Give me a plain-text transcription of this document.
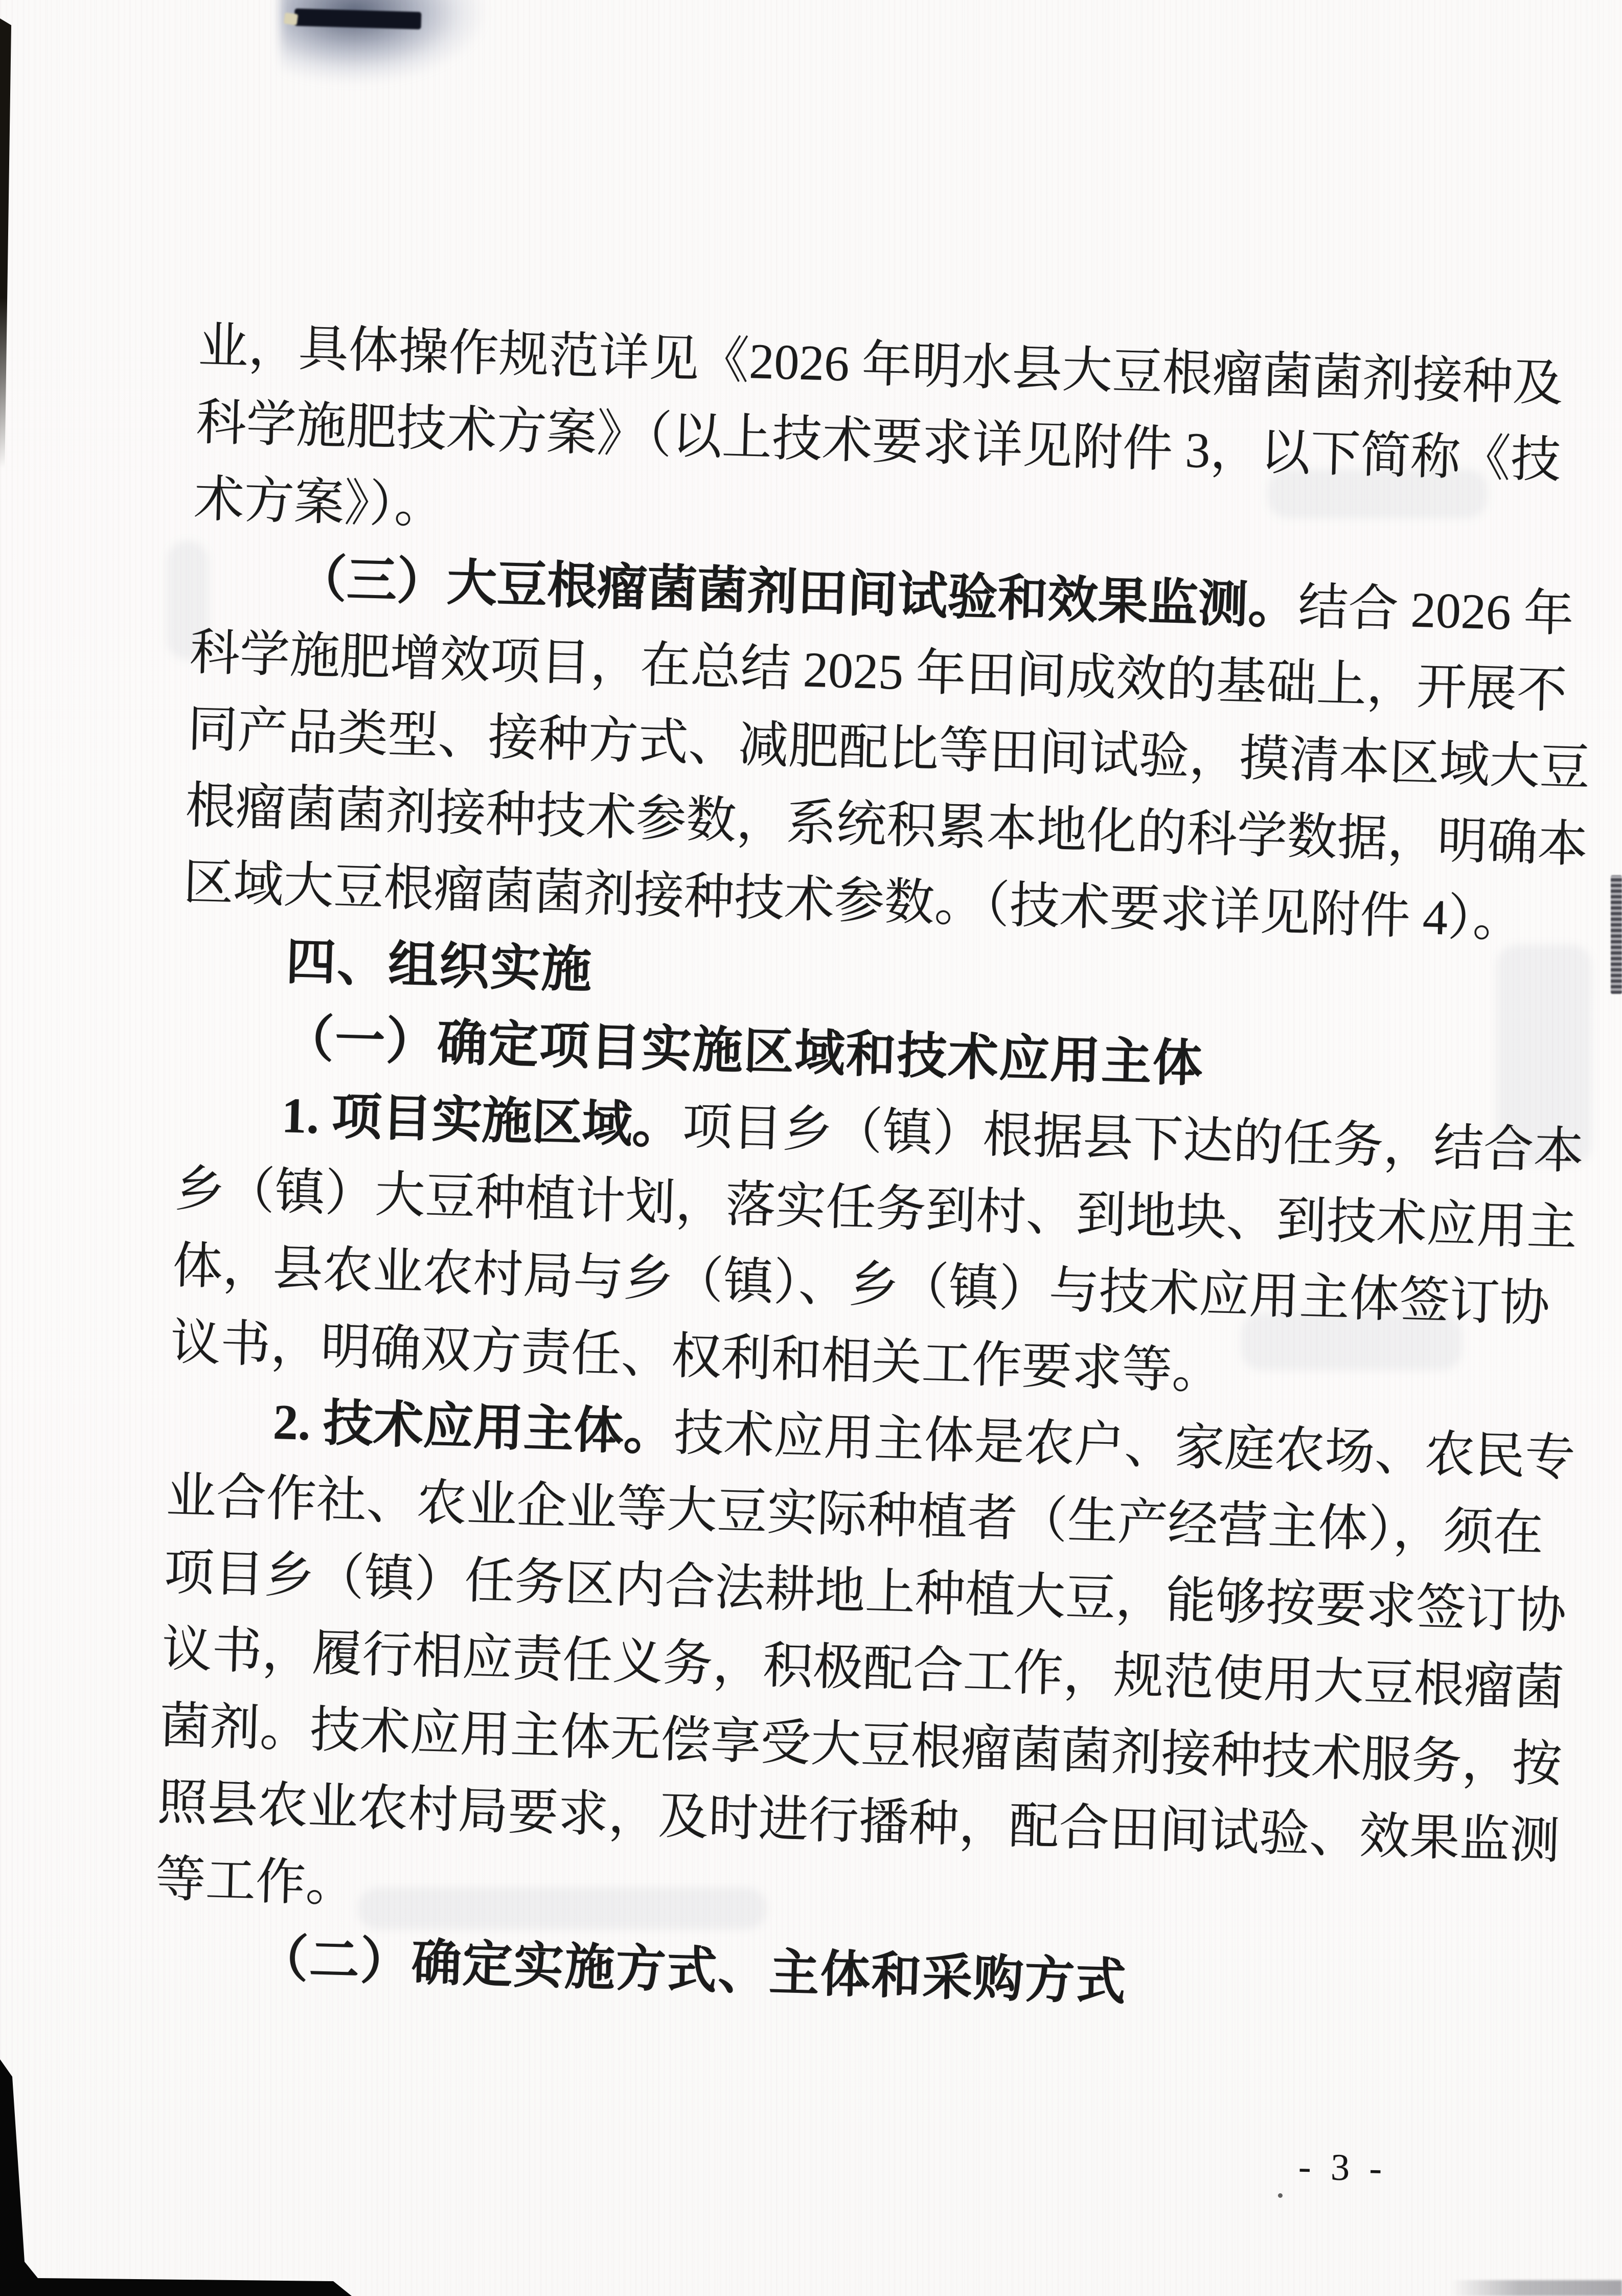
业，具体操作规范详见《2026 年明水县大豆根瘤菌菌剂接种及
科学施肥技术方案》（以上技术要求详见附件 3，以下简称《技
术方案》）。
（三）大豆根瘤菌菌剂田间试验和效果监测。结合 2026 年
科学施肥增效项目，在总结 2025 年田间成效的基础上，开展不
同产品类型、接种方式、减肥配比等田间试验，摸清本区域大豆
根瘤菌菌剂接种技术参数，系统积累本地化的科学数据，明确本
区域大豆根瘤菌菌剂接种技术参数。（技术要求详见附件 4）。
四、组织实施
（一）确定项目实施区域和技术应用主体
1. 项目实施区域。项目乡（镇）根据县下达的任务，结合本
乡（镇）大豆种植计划，落实任务到村、到地块、到技术应用主
体，县农业农村局与乡（镇）、乡（镇）与技术应用主体签订协
议书，明确双方责任、权利和相关工作要求等。
2. 技术应用主体。技术应用主体是农户、家庭农场、农民专
业合作社、农业企业等大豆实际种植者（生产经营主体），须在
项目乡（镇）任务区内合法耕地上种植大豆，能够按要求签订协
议书，履行相应责任义务，积极配合工作，规范使用大豆根瘤菌
菌剂。技术应用主体无偿享受大豆根瘤菌菌剂接种技术服务，按
照县农业农村局要求，及时进行播种，配合田间试验、效果监测
等工作。
（二）确定实施方式、主体和采购方式
- 3 -
